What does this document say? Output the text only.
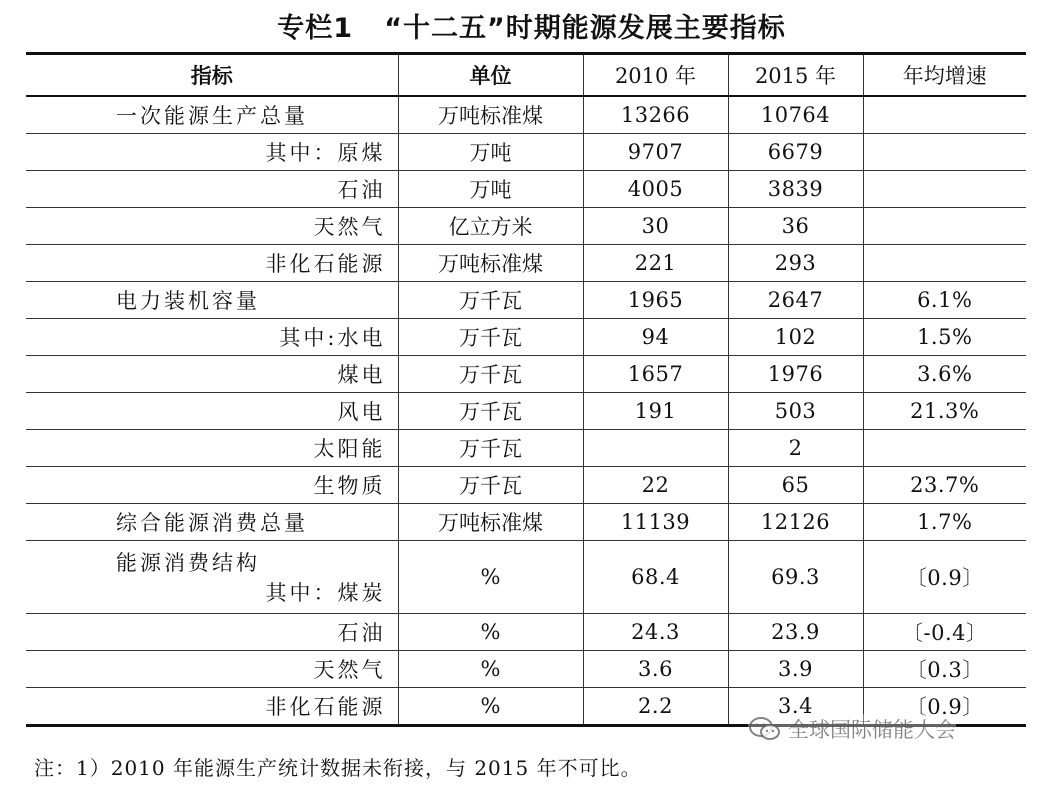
专栏1   “十二五”时期能源发展主要指标
指标	单位	2010 年	2015 年	年均增速
一次能源生产总量	万吨标准煤	13266	10764	
其中：原煤	万吨	9707	6679	
石油	万吨	4005	3839	
天然气	亿立方米	30	36	
非化石能源	万吨标准煤	221	293	
电力装机容量	万千瓦	1965	2647	6.1%
其中:水电	万千瓦	94	102	1.5%
煤电	万千瓦	1657	1976	3.6%
风电	万千瓦	191	503	21.3%
太阳能	万千瓦		2	
生物质	万千瓦	22	65	23.7%
综合能源消费总量	万吨标准煤	11139	12126	1.7%

能源消费结构
其中：煤炭	%	68.4	69.3	〔0.9〕
石油	%	24.3	23.9	〔-0.4〕
天然气	%	3.6	3.9	〔0.3〕
非化石能源	%	2.2	3.4	〔0.9〕
全球国际储能大会
注：1）2010 年能源生产统计数据未衔接，与 2015 年不可比。
